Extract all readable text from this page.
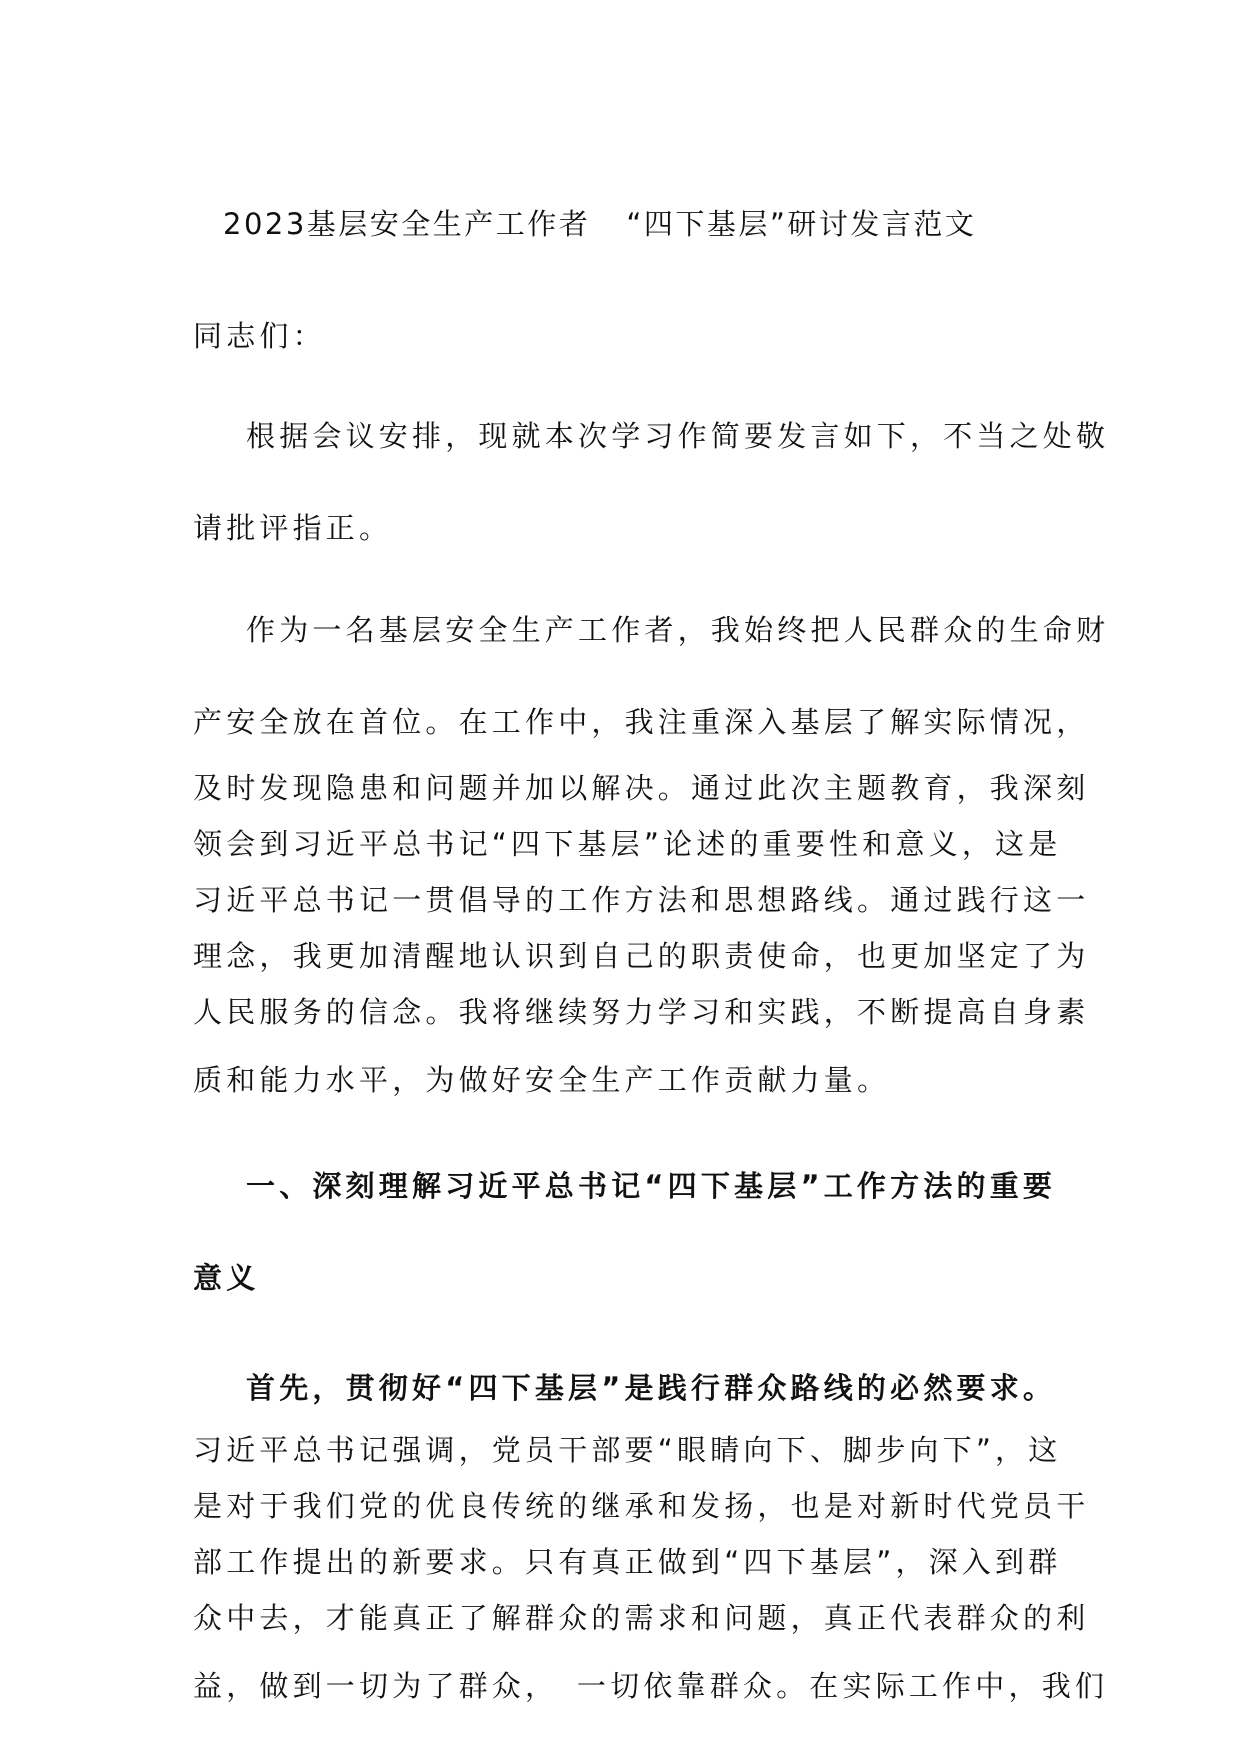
2023基层安全生产工作者 “四下基层”研讨发言范文
同志们：
根据会议安排，现就本次学习作简要发言如下，不当之处敬
请批评指正。
作为一名基层安全生产工作者，我始终把人民群众的生命财
产安全放在首位。在工作中，我注重深入基层了解实际情况，
及时发现隐患和问题并加以解决。通过此次主题教育，我深刻
领会到习近平总书记“四下基层”论述的重要性和意义，这是
习近平总书记一贯倡导的工作方法和思想路线。通过践行这一
理念，我更加清醒地认识到自己的职责使命，也更加坚定了为
人民服务的信念。我将继续努力学习和实践，不断提高自身素
质和能力水平，为做好安全生产工作贡献力量。
一、深刻理解习近平总书记“四下基层”工作方法的重要
意义
首先，贯彻好“四下基层”是践行群众路线的必然要求。
习近平总书记强调，党员干部要“眼睛向下、脚步向下”，这
是对于我们党的优良传统的继承和发扬，也是对新时代党员干
部工作提出的新要求。只有真正做到“四下基层”，深入到群
众中去，才能真正了解群众的需求和问题，真正代表群众的利
益，做到一切为了群众，　一切依靠群众。在实际工作中，我们
